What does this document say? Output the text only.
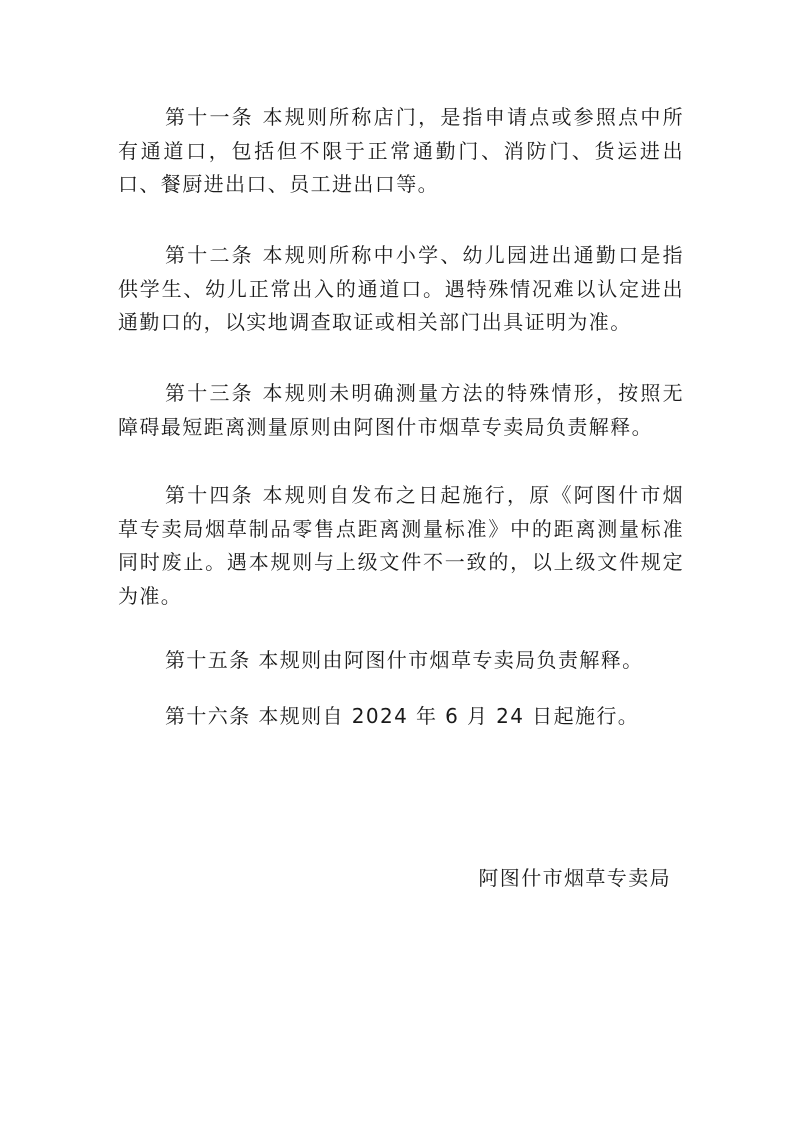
第十一条 本规则所称店门，是指申请点或参照点中所有通道口，包括但不限于正常通勤门、消防门、货运进出口、餐厨进出口、员工进出口等。

第十二条 本规则所称中小学、幼儿园进出通勤口是指供学生、幼儿正常出入的通道口。遇特殊情况难以认定进出通勤口的，以实地调查取证或相关部门出具证明为准。

第十三条 本规则未明确测量方法的特殊情形，按照无障碍最短距离测量原则由阿图什市烟草专卖局负责解释。

第十四条 本规则自发布之日起施行，原《阿图什市烟草专卖局烟草制品零售点距离测量标准》中的距离测量标准同时废止。遇本规则与上级文件不一致的，以上级文件规定为准。

第十五条 本规则由阿图什市烟草专卖局负责解释。

第十六条 本规则自 2024 年 6 月 24 日起施行。

阿图什市烟草专卖局
